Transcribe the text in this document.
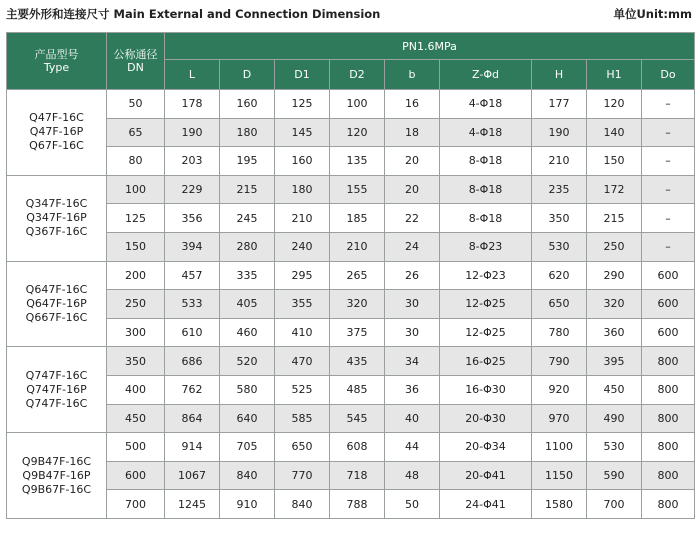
主要外形和连接尺寸 Main External and Connection Dimension	单位Unit:mm
产品型号
Type	公称通径
DN	PN1.6MPa								
		L	D	D1	D2	b	Z-Φd	H	H1	Do

Q47F-16C
Q47F-16P
Q67F-16C	50	178	160	125	100	16	4-Φ18	177	120	–
	65	190	180	145	120	18	4-Φ18	190	140	–
	80	203	195	160	135	20	8-Φ18	210	150	–

Q347F-16C
Q347F-16P
Q367F-16C	100	229	215	180	155	20	8-Φ18	235	172	–
	125	356	245	210	185	22	8-Φ18	350	215	–
	150	394	280	240	210	24	8-Φ23	530	250	–

Q647F-16C
Q647F-16P
Q667F-16C	200	457	335	295	265	26	12-Φ23	620	290	600
	250	533	405	355	320	30	12-Φ25	650	320	600
	300	610	460	410	375	30	12-Φ25	780	360	600

Q747F-16C
Q747F-16P
Q747F-16C	350	686	520	470	435	34	16-Φ25	790	395	800
	400	762	580	525	485	36	16-Φ30	920	450	800
	450	864	640	585	545	40	20-Φ30	970	490	800

Q9B47F-16C
Q9B47F-16P
Q9B67F-16C	500	914	705	650	608	44	20-Φ34	1100	530	800
	600	1067	840	770	718	48	20-Φ41	1150	590	800
	700	1245	910	840	788	50	24-Φ41	1580	700	800
